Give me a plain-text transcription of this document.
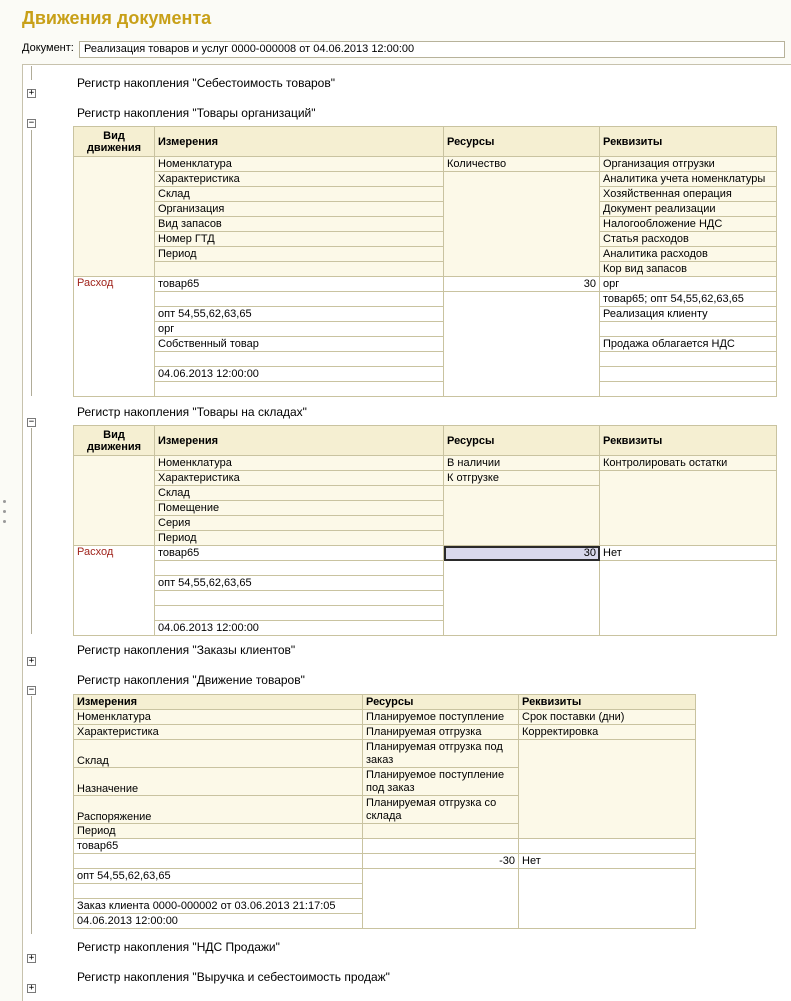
Движения документа
Документ: Реализация товаров и услуг 0000-000008 от 04.06.2013 12:00:00
+
Регистр накопления "Себестоимость товаров"
−
Регистр накопления "Товары организаций"
Вид движения	Измерения	Ресурсы	Реквизиты
	Номенклатура	Количество	Организация отгрузки
	Характеристика		Аналитика учета номенклатуры
	Склад		Хозяйственная операция
	Организация		Документ реализации
	Вид запасов		Налогообложение НДС
	Номер ГТД		Статья расходов
	Период		Аналитика расходов
			Кор вид запасов
Расход	товар65	30	орг
			товар65; опт 54,55,62,63,65
	опт 54,55,62,63,65		Реализация клиенту
	орг		
	Собственный товар		Продажа облагается НДС

	04.06.2013 12:00:00		

−
Регистр накопления "Товары на складах"
Вид движения	Измерения	Ресурсы	Реквизиты
	Номенклатура	В наличии	Контролировать остатки
	Характеристика	К отгрузке	
	Склад		
	Помещение		
	Серия		
	Период		
Расход	товар65	30	Нет

	опт 54,55,62,63,65		

	04.06.2013 12:00:00		
+
Регистр накопления "Заказы клиентов"
−
Регистр накопления "Движение товаров"
Измерения	Ресурсы	Реквизиты
Номенклатура	Планируемое поступление	Срок поставки (дни)
Характеристика	Планируемая отгрузка	Корректировка
Склад	Планируемая отгрузка под заказ	
Назначение	Планируемое поступление под заказ	
Распоряжение	Планируемая отгрузка со склада	
Период		
товар65		
	-30	Нет
опт 54,55,62,63,65		

Заказ клиента 0000-000002 от 03.06.2013 21:17:05		
04.06.2013 12:00:00		
+
Регистр накопления "НДС Продажи"
+
Регистр накопления "Выручка и себестоимость продаж"
